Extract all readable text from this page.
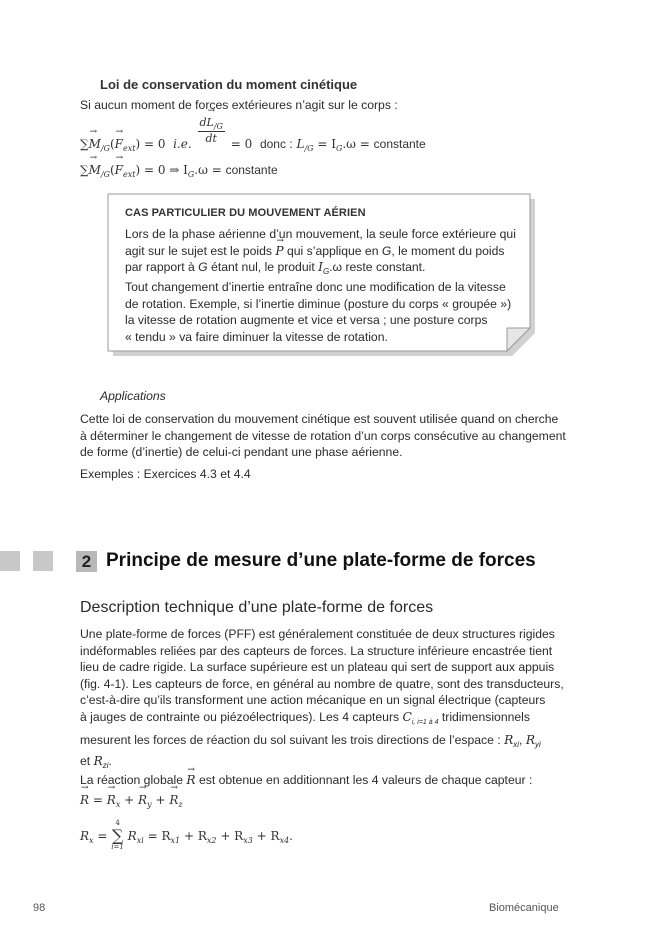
Loi de conservation du moment cinétique
Si aucun moment de forces extérieures n’agit sur le corps :
∑→ $M_{/G}(\to F_{ext}) = 0$ i.e. $\frac{d\to L_{/G}}{dt} = 0$ donc : $L_{/G} = I_G.\omega$ = constante
∑→ $M_{/G}(\to F_{ext}) = 0$ ⇒ $I_G.\omega$ = constante
CAS PARTICULIER DU MOUVEMENT AÉRIEN
Lors de la phase aérienne d’un mouvement, la seule force extérieure qui
agit sur le sujet est le poids → P qui s’applique en G, le moment du poids
par rapport à G étant nul, le produit $I_G.\omega$ reste constant.
Tout changement d’inertie entraîne donc une modification de la vitesse
de rotation. Exemple, si l’inertie diminue (posture du corps « groupée »)
la vitesse de rotation augmente et vice et versa ; une posture corps
« tendu » va faire diminuer la vitesse de rotation.
Applications
Cette loi de conservation du mouvement cinétique est souvent utilisée quand on cherche
à déterminer le changement de vitesse de rotation d’un corps consécutive au changement
de forme (d’inertie) de celui-ci pendant une phase aérienne.
Exemples : Exercices 4.3 et 4.4
2 Principe de mesure d’une plate-forme de forces
Description technique d’une plate-forme de forces
Une plate-forme de forces (PFF) est généralement constituée de deux structures rigides
indéformables reliées par des capteurs de forces. La structure inférieure encastrée tient
lieu de cadre rigide. La surface supérieure est un plateau qui sert de support aux appuis
(fig. 4-1). Les capteurs de force, en général au nombre de quatre, sont des transducteurs,
c’est-à-dire qu’ils transforment une action mécanique en un signal électrique (capteurs
à jauges de contrainte ou piézoélectriques). Les 4 capteurs $C_{i, i=1 à 4}$ tridimensionnels
mesurent les forces de réaction du sol suivant les trois directions de l’espace : $R_{xi}$, $R_{yi}$
et $R_{zi}$.
La réaction globale → R est obtenue en additionnant les 4 valeurs de chaque capteur :
→ R = → $R_x$ + → $R_y$ + → $R_z$
$R_x$ =
4
∑
i=1
$R_{xi} = R_{x1} + R_{x2} + R_{x3} + R_{x4}$.
98	Biomécanique
